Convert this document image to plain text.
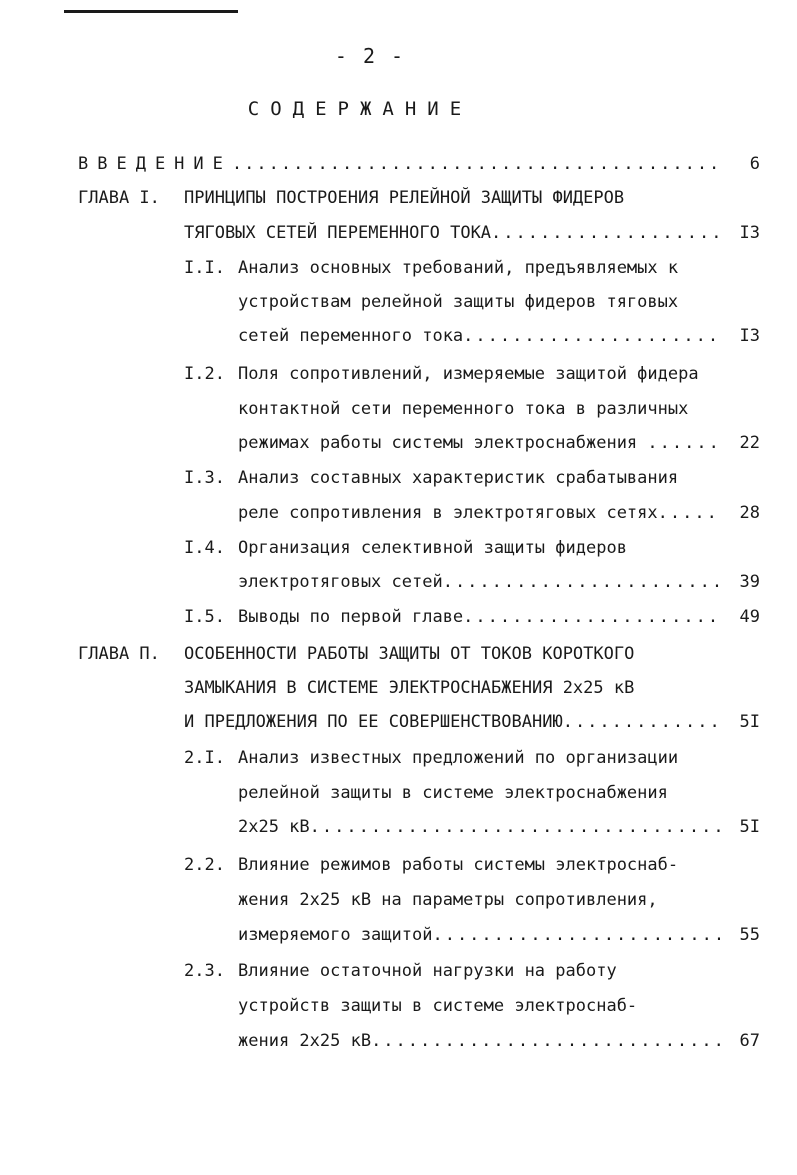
- 2 -
СОДЕРЖАНИЕ
ВВЕДЕНИЕ .....	6
ГЛАВА I. ПРИНЦИПЫ ПОСТРОЕНИЯ РЕЛЕЙНОЙ ЗАЩИТЫ ФИДЕРОВ
ТЯГОВЫХ СЕТЕЙ ПЕРЕМЕННОГО ТОКА .....	I3
I.I. Анализ основных требований, предъявляемых к
устройствам релейной защиты фидеров тяговых
сетей переменного тока .....	I3
I.2. Поля сопротивлений, измеряемые защитой фидера
контактной сети переменного тока в различных
режимах работы системы электроснабжения .....	22
I.3. Анализ составных характеристик срабатывания
реле сопротивления в электротяговых сетях .....	28
I.4. Организация селективной защиты фидеров
электротяговых сетей .....	39
I.5. Выводы по первой главе .....	49
ГЛАВА П. ОСОБЕННОСТИ РАБОТЫ ЗАЩИТЫ ОТ ТОКОВ КОРОТКОГО
ЗАМЫКАНИЯ В СИСТЕМЕ ЭЛЕКТРОСНАБЖЕНИЯ 2x25 кВ
И ПРЕДЛОЖЕНИЯ ПО ЕЕ СОВЕРШЕНСТВОВАНИЮ .....	5I
2.I. Анализ известных предложений по организации
релейной защиты в системе электроснабжения
2x25 кВ .....	5I
2.2. Влияние режимов работы системы электроснаб-
жения 2x25 кВ на параметры сопротивления,
измеряемого защитой .....	55
2.3. Влияние остаточной нагрузки на работу
устройств защиты в системе электроснаб-
жения 2x25 кВ .....	67
